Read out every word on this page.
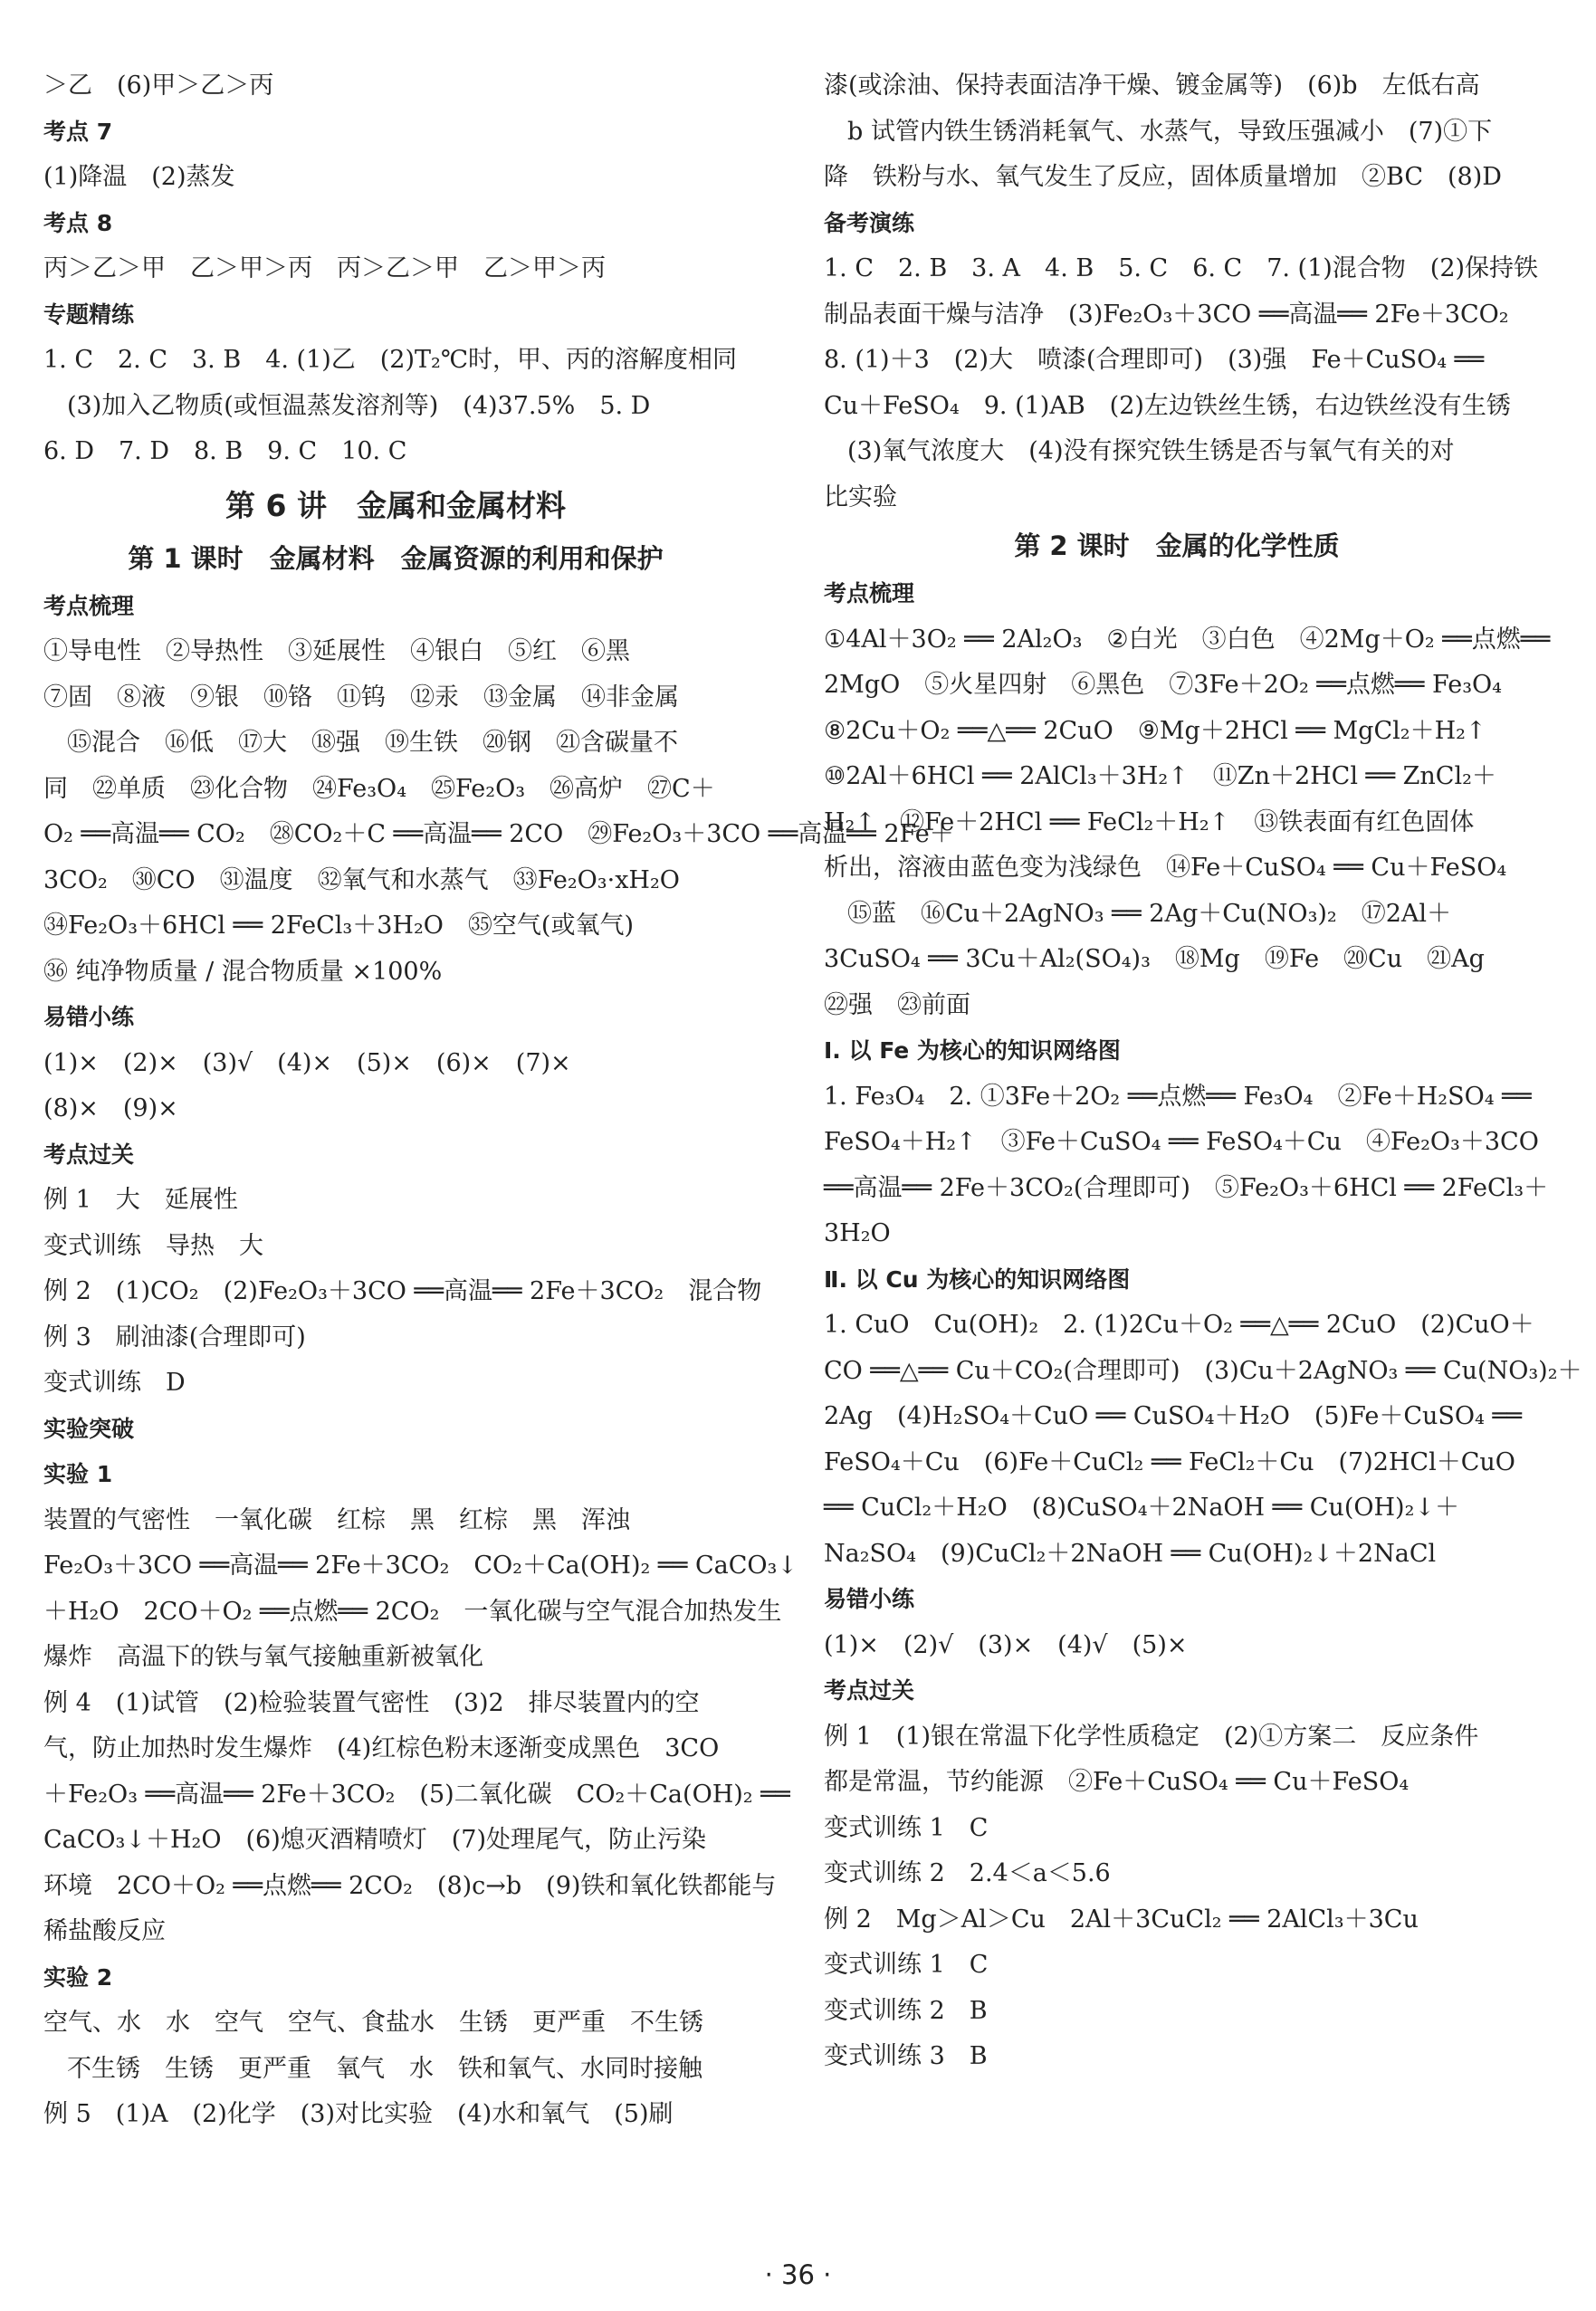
＞乙　(6)甲＞乙＞丙
考点 7
(1)降温　(2)蒸发
考点 8
丙＞乙＞甲　乙＞甲＞丙　丙＞乙＞甲　乙＞甲＞丙
专题精练
1. C　2. C　3. B　4. (1)乙　(2)T₂℃时，甲、丙的溶解度相同
(3)加入乙物质(或恒温蒸发溶剂等)　(4)37.5%　5. D
6. D　7. D　8. B　9. C　10. C
第 6 讲　金属和金属材料
第 1 课时　金属材料　金属资源的利用和保护
考点梳理
①导电性　②导热性　③延展性　④银白　⑤红　⑥黑
⑦固　⑧液　⑨银　⑩铬　⑪钨　⑫汞　⑬金属　⑭非金属
⑮混合　⑯低　⑰大　⑱强　⑲生铁　⑳钢　㉑含碳量不
同　㉒单质　㉓化合物　㉔Fe₃O₄　㉕Fe₂O₃　㉖高炉　㉗C＋
O₂ ══高温══ CO₂　㉘CO₂＋C ══高温══ 2CO　㉙Fe₂O₃＋3CO ══高温══ 2Fe＋
3CO₂　㉚CO　㉛温度　㉜氧气和水蒸气　㉝Fe₂O₃·xH₂O
㉞Fe₂O₃＋6HCl ══ 2FeCl₃＋3H₂O　㉟空气(或氧气)
㊱ 纯净物质量 / 混合物质量 ×100%
易错小练
(1)×　(2)×　(3)√　(4)×　(5)×　(6)×　(7)×
(8)×　(9)×
考点过关
例 1　大　延展性
变式训练　导热　大
例 2　(1)CO₂　(2)Fe₂O₃＋3CO ══高温══ 2Fe＋3CO₂　混合物
例 3　刷油漆(合理即可)
变式训练　D
实验突破
实验 1
装置的气密性　一氧化碳　红棕　黑　红棕　黑　浑浊
Fe₂O₃＋3CO ══高温══ 2Fe＋3CO₂　CO₂＋Ca(OH)₂ ══ CaCO₃↓
＋H₂O　2CO＋O₂ ══点燃══ 2CO₂　一氧化碳与空气混合加热发生
爆炸　高温下的铁与氧气接触重新被氧化
例 4　(1)试管　(2)检验装置气密性　(3)2　排尽装置内的空
气，防止加热时发生爆炸　(4)红棕色粉末逐渐变成黑色　3CO
＋Fe₂O₃ ══高温══ 2Fe＋3CO₂　(5)二氧化碳　CO₂＋Ca(OH)₂ ══
CaCO₃↓＋H₂O　(6)熄灭酒精喷灯　(7)处理尾气，防止污染
环境　2CO＋O₂ ══点燃══ 2CO₂　(8)c→b　(9)铁和氧化铁都能与
稀盐酸反应
实验 2
空气、水　水　空气　空气、食盐水　生锈　更严重　不生锈
不生锈　生锈　更严重　氧气　水　铁和氧气、水同时接触
例 5　(1)A　(2)化学　(3)对比实验　(4)水和氧气　(5)刷
漆(或涂油、保持表面洁净干燥、镀金属等)　(6)b　左低右高
b 试管内铁生锈消耗氧气、水蒸气，导致压强减小　(7)①下
降　铁粉与水、氧气发生了反应，固体质量增加　②BC　(8)D
备考演练
1. C　2. B　3. A　4. B　5. C　6. C　7. (1)混合物　(2)保持铁
制品表面干燥与洁净　(3)Fe₂O₃＋3CO ══高温══ 2Fe＋3CO₂
8. (1)＋3　(2)大　喷漆(合理即可)　(3)强　Fe＋CuSO₄ ══
Cu＋FeSO₄　9. (1)AB　(2)左边铁丝生锈，右边铁丝没有生锈
(3)氧气浓度大　(4)没有探究铁生锈是否与氧气有关的对
比实验
第 2 课时　金属的化学性质
考点梳理
①4Al＋3O₂ ══ 2Al₂O₃　②白光　③白色　④2Mg＋O₂ ══点燃══
2MgO　⑤火星四射　⑥黑色　⑦3Fe＋2O₂ ══点燃══ Fe₃O₄
⑧2Cu＋O₂ ══△══ 2CuO　⑨Mg＋2HCl ══ MgCl₂＋H₂↑
⑩2Al＋6HCl ══ 2AlCl₃＋3H₂↑　⑪Zn＋2HCl ══ ZnCl₂＋
H₂↑　⑫Fe＋2HCl ══ FeCl₂＋H₂↑　⑬铁表面有红色固体
析出，溶液由蓝色变为浅绿色　⑭Fe＋CuSO₄ ══ Cu＋FeSO₄
⑮蓝　⑯Cu＋2AgNO₃ ══ 2Ag＋Cu(NO₃)₂　⑰2Al＋
3CuSO₄ ══ 3Cu＋Al₂(SO₄)₃　⑱Mg　⑲Fe　⑳Cu　㉑Ag
㉒强　㉓前面
Ⅰ. 以 Fe 为核心的知识网络图
1. Fe₃O₄　2. ①3Fe＋2O₂ ══点燃══ Fe₃O₄　②Fe＋H₂SO₄ ══
FeSO₄＋H₂↑　③Fe＋CuSO₄ ══ FeSO₄＋Cu　④Fe₂O₃＋3CO
══高温══ 2Fe＋3CO₂(合理即可)　⑤Fe₂O₃＋6HCl ══ 2FeCl₃＋
3H₂O
Ⅱ. 以 Cu 为核心的知识网络图
1. CuO　Cu(OH)₂　2. (1)2Cu＋O₂ ══△══ 2CuO　(2)CuO＋
CO ══△══ Cu＋CO₂(合理即可)　(3)Cu＋2AgNO₃ ══ Cu(NO₃)₂＋
2Ag　(4)H₂SO₄＋CuO ══ CuSO₄＋H₂O　(5)Fe＋CuSO₄ ══
FeSO₄＋Cu　(6)Fe＋CuCl₂ ══ FeCl₂＋Cu　(7)2HCl＋CuO
══ CuCl₂＋H₂O　(8)CuSO₄＋2NaOH ══ Cu(OH)₂↓＋
Na₂SO₄　(9)CuCl₂＋2NaOH ══ Cu(OH)₂↓＋2NaCl
易错小练
(1)×　(2)√　(3)×　(4)√　(5)×
考点过关
例 1　(1)银在常温下化学性质稳定　(2)①方案二　反应条件
都是常温，节约能源　②Fe＋CuSO₄ ══ Cu＋FeSO₄
变式训练 1　C
变式训练 2　2.4＜a＜5.6
例 2　Mg＞Al＞Cu　2Al＋3CuCl₂ ══ 2AlCl₃＋3Cu
变式训练 1　C
变式训练 2　B
变式训练 3　B
· 36 ·
